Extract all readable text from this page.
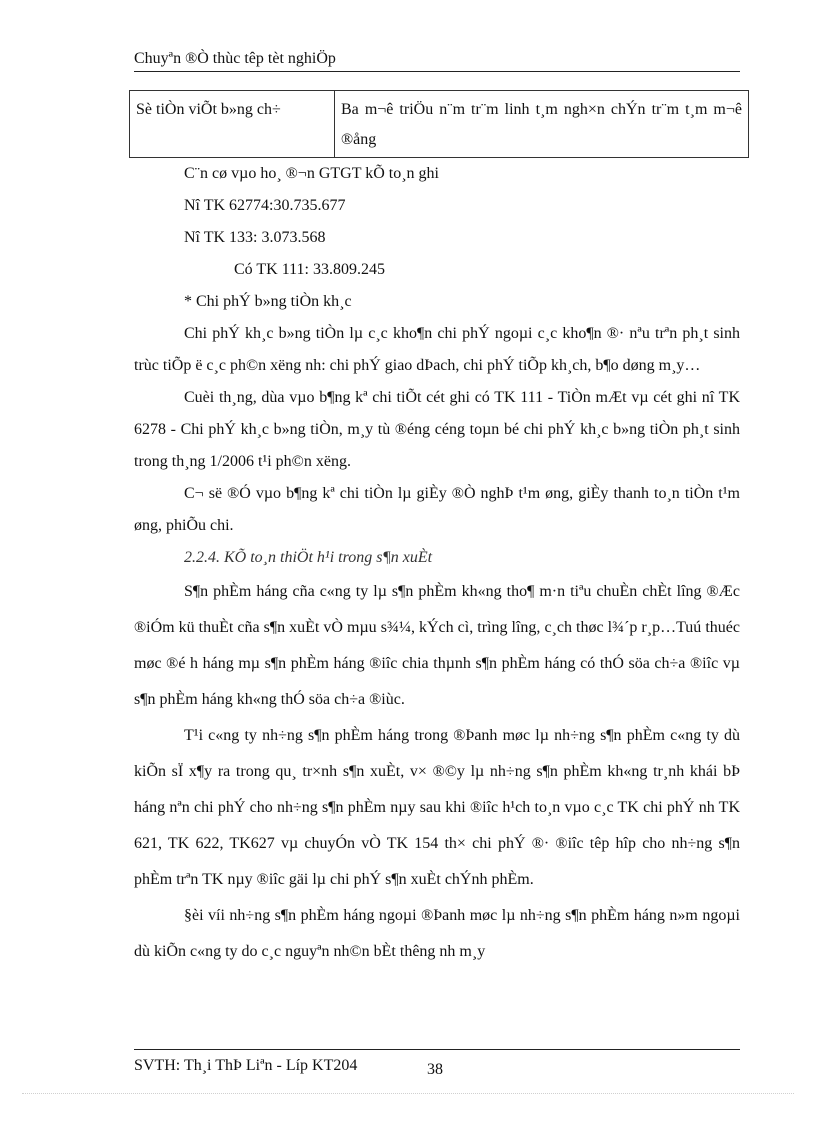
Chuyªn ®Ò thùc têp tèt nghiÖp
Sè tiÒn viÕt b»ng ch÷	Ba m¬ê triÖu n¨m tr¨m linh t¸m ngh×n chÝn tr¨m t¸m m¬ê ®ång

C¨n cø vµo ho¸ ®¬n GTGT kÕ to¸n ghi

Nî TK 62774:30.735.677

Nî TK 133: 3.073.568

Có TK 111: 33.809.245

* Chi phÝ b»ng tiÒn kh¸c

Chi phÝ kh¸c b»ng tiÒn lµ c¸c kho¶n chi phÝ ngoµi c¸c kho¶n ®· nªu trªn ph¸t sinh trùc tiÕp ë c¸c ph©n xëng nh: chi phÝ giao dÞach, chi phÝ tiÕp kh¸ch, b¶o døng m¸y…

Cuèi th¸ng, dùa vµo b¶ng kª chi tiÕt cét ghi có TK 111 - TiÒn mÆt vµ cét ghi nî TK 6278 - Chi phÝ kh¸c b»ng tiÒn, m¸y tù ®éng céng toµn bé chi phÝ kh¸c b»ng tiÒn ph¸t sinh trong th¸ng 1/2006 t¹i ph©n xëng.

C¬ së ®Ó vµo b¶ng kª chi tiÒn lµ giÈy ®Ò nghÞ t¹m øng, giÈy thanh to¸n tiÒn t¹m øng, phiÕu chi.

2.2.4. KÕ to¸n thiÖt h¹i trong s¶n xuÈt

S¶n phÈm háng cña c«ng ty lµ s¶n phÈm kh«ng tho¶ m·n tiªu chuÈn chÈt lîng ®Æc ®iÓm kü thuÈt cña s¶n xuÈt vÒ mµu s¾¼, kÝch cì, trìng lîng, c¸ch thøc l¾´p r¸p…Tuú thuéc møc ®é h háng mµ s¶n phÈm háng ®iîc chia thµnh s¶n phÈm háng có thÓ söa ch÷a ®iîc vµ s¶n phÈm háng kh«ng thÓ söa ch÷a ®iùc.

T¹i c«ng ty nh÷ng s¶n phÈm háng trong ®Þanh møc lµ nh÷ng s¶n phÈm c«ng ty dù kiÕn sÏ x¶y ra trong qu¸ tr×nh s¶n xuÈt, v× ®©y lµ nh÷ng s¶n phÈm kh«ng tr¸nh khái bÞ háng nªn chi phÝ cho nh÷ng s¶n phÈm nµy sau khi ®iîc h¹ch to¸n vµo c¸c TK chi phÝ nh TK 621, TK 622, TK627 vµ chuyÓn vÒ TK 154 th× chi phÝ ®· ®iîc têp hîp cho nh÷ng s¶n phÈm trªn TK nµy ®iîc gäi lµ chi phÝ s¶n xuÈt chÝnh phÈm.

§èi víi nh÷ng s¶n phÈm háng ngoµi ®Þanh møc lµ nh÷ng s¶n phÈm háng n»m ngoµi dù kiÕn c«ng ty do c¸c nguyªn nh©n bÈt thêng nh m¸y

SVTH: Th¸i ThÞ Liªn - Líp KT204	38
